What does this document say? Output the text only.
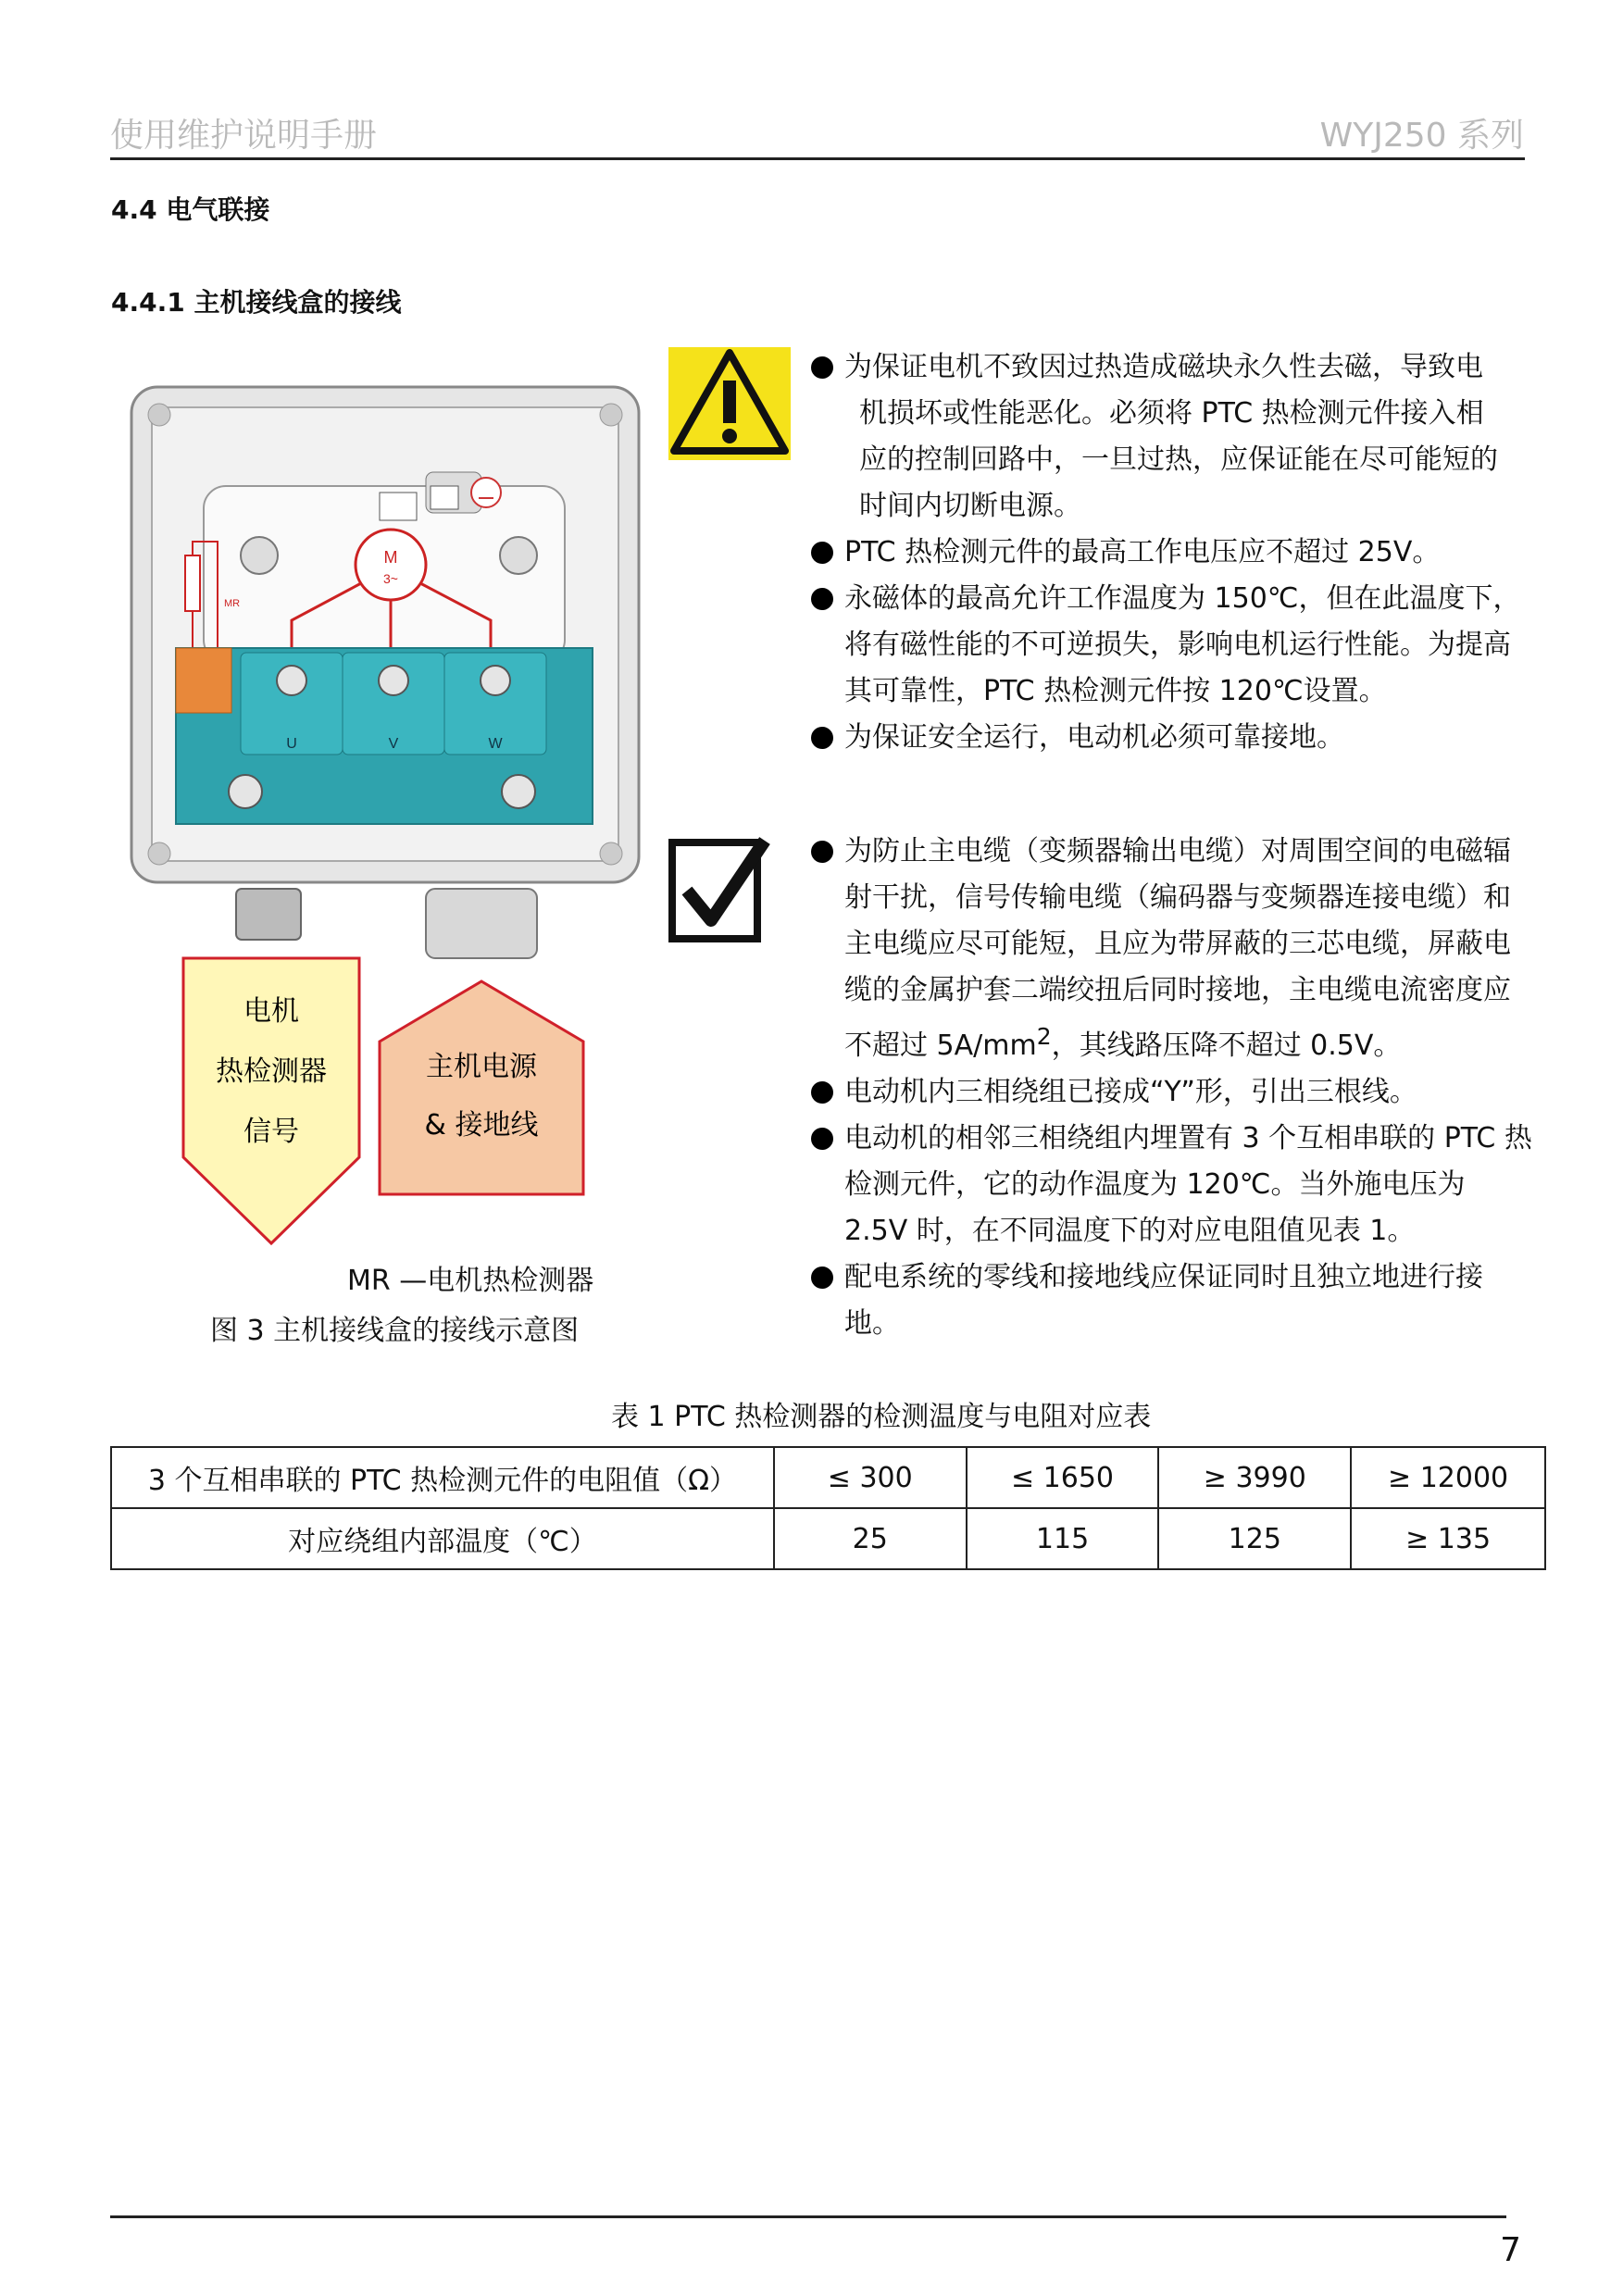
使用维护说明手册	WYJ250 系列
4.4 电气联接
4.4.1 主机接线盒的接线
M
3~
MR
U	V	W
电机
热检测器
信号
主机电源
& 接地线
为保证电机不致因过热造成磁块永久性去磁，导致电
机损坏或性能恶化。必须将 PTC 热检测元件接入相
应的控制回路中，一旦过热，应保证能在尽可能短的
时间内切断电源。
PTC 热检测元件的最高工作电压应不超过 25V。
永磁体的最高允许工作温度为 150℃，但在此温度下，将有磁性能的不可逆损失，影响电机运行性能。为提高其可靠性，PTC 热检测元件按 120℃设置。
为保证安全运行，电动机必须可靠接地。
为防止主电缆（变频器输出电缆）对周围空间的电磁辐射干扰，信号传输电缆（编码器与变频器连接电缆）和主电缆应尽可能短，且应为带屏蔽的三芯电缆，屏蔽电缆的金属护套二端绞扭后同时接地，主电缆电流密度应不超过 $5A/mm^2$，其线路压降不超过 0.5V。
电动机内三相绕组已接成“Y”形，引出三根线。
电动机的相邻三相绕组内埋置有 3 个互相串联的 PTC 热检测元件，它的动作温度为 120℃。当外施电压为 2.5V 时，在不同温度下的对应电阻值见表 1。
配电系统的零线和接地线应保证同时且独立地进行接地。
MR —电机热检测器
图 3 主机接线盒的接线示意图
表 1 PTC 热检测器的检测温度与电阻对应表
3 个互相串联的 PTC 热检测元件的电阻值（Ω）	≤ 300	≤ 1650	≥ 3990	≥ 12000
对应绕组内部温度（℃）	25	115	125	≥ 135
7
